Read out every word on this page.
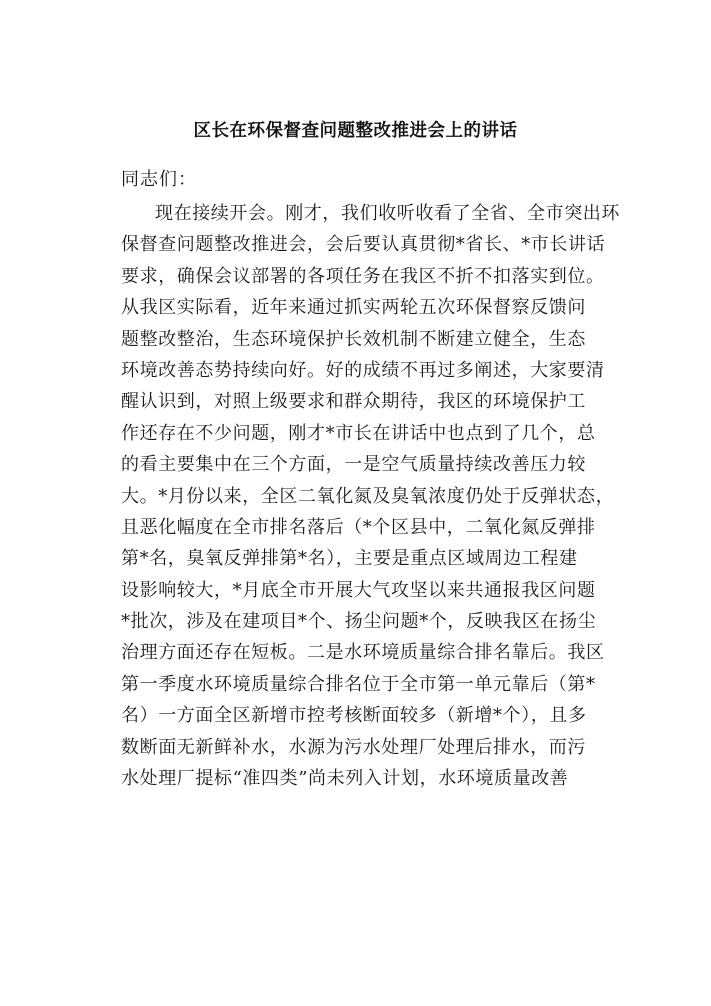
区长在环保督查问题整改推进会上的讲话
同志们：
现在接续开会。刚才，我们收听收看了全省、全市突出环
保督查问题整改推进会，会后要认真贯彻*省长、*市长讲话
要求，确保会议部署的各项任务在我区不折不扣落实到位。
从我区实际看，近年来通过抓实两轮五次环保督察反馈问
题整改整治，生态环境保护长效机制不断建立健全，生态
环境改善态势持续向好。好的成绩不再过多阐述，大家要清
醒认识到，对照上级要求和群众期待，我区的环境保护工
作还存在不少问题，刚才*市长在讲话中也点到了几个，总
的看主要集中在三个方面，一是空气质量持续改善压力较
大。*月份以来，全区二氧化氮及臭氧浓度仍处于反弹状态，
且恶化幅度在全市排名落后（*个区县中，二氧化氮反弹排
第*名，臭氧反弹排第*名），主要是重点区域周边工程建
设影响较大，*月底全市开展大气攻坚以来共通报我区问题
*批次，涉及在建项目*个、扬尘问题*个，反映我区在扬尘
治理方面还存在短板。二是水环境质量综合排名靠后。我区
第一季度水环境质量综合排名位于全市第一单元靠后（第*
名）一方面全区新增市控考核断面较多（新增*个），且多
数断面无新鲜补水，水源为污水处理厂处理后排水，而污
水处理厂提标“准四类”尚未列入计划，水环境质量改善
